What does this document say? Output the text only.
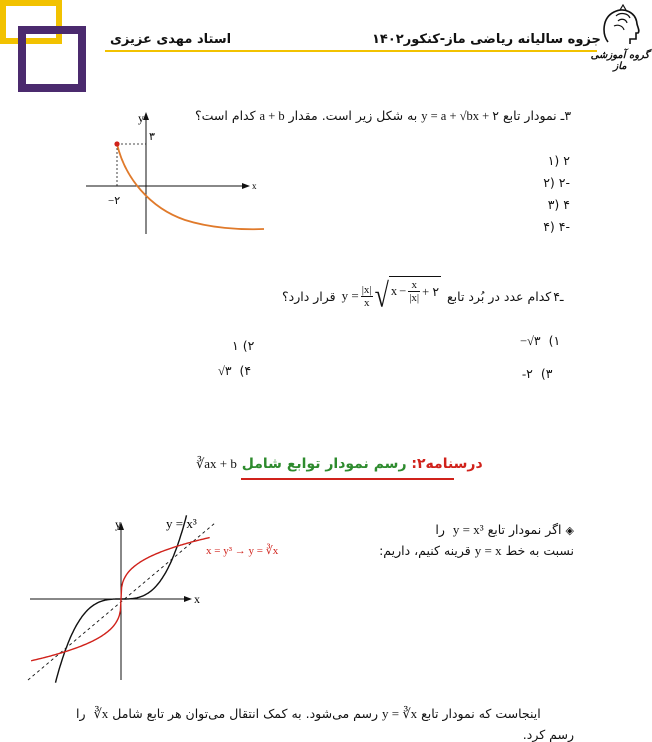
استاد مهدی عزیزی	جزوه سالیانه ریاضی ماز-کنکور۱۴۰۲
گروه آموزشی ماز
۳ـ نمودار تابع y = a + √bx + ۲ به شکل زیر است. مقدار a + b کدام است؟
y
x
−۲
۳
۲ (۱
-۲ (۲
۴ (۳
-۴ (۴
قرار دارد؟ $y = \frac{|x|}{x}$ √ $x - \frac{x}{|x|}$ + ۲ کدام عدد در بُرد تابع ۴ـ
−√۳ (۱
۱ (۲
-۲ (۳
√۳ (۴
∛ax + b رسم نمودار توابع شامل درسنامه۲:
y
x
y = x³
x = y³ → y = ∛x
را y = x³ اگر نمودار تابع ◈
قرینه کنیم، داریم: y = x نسبت به خط
را ∛x رسم می‌شود. به کمک انتقال می‌توان هر تابع شامل y = ∛x اینجاست که نمودار تابع
رسم کرد.
